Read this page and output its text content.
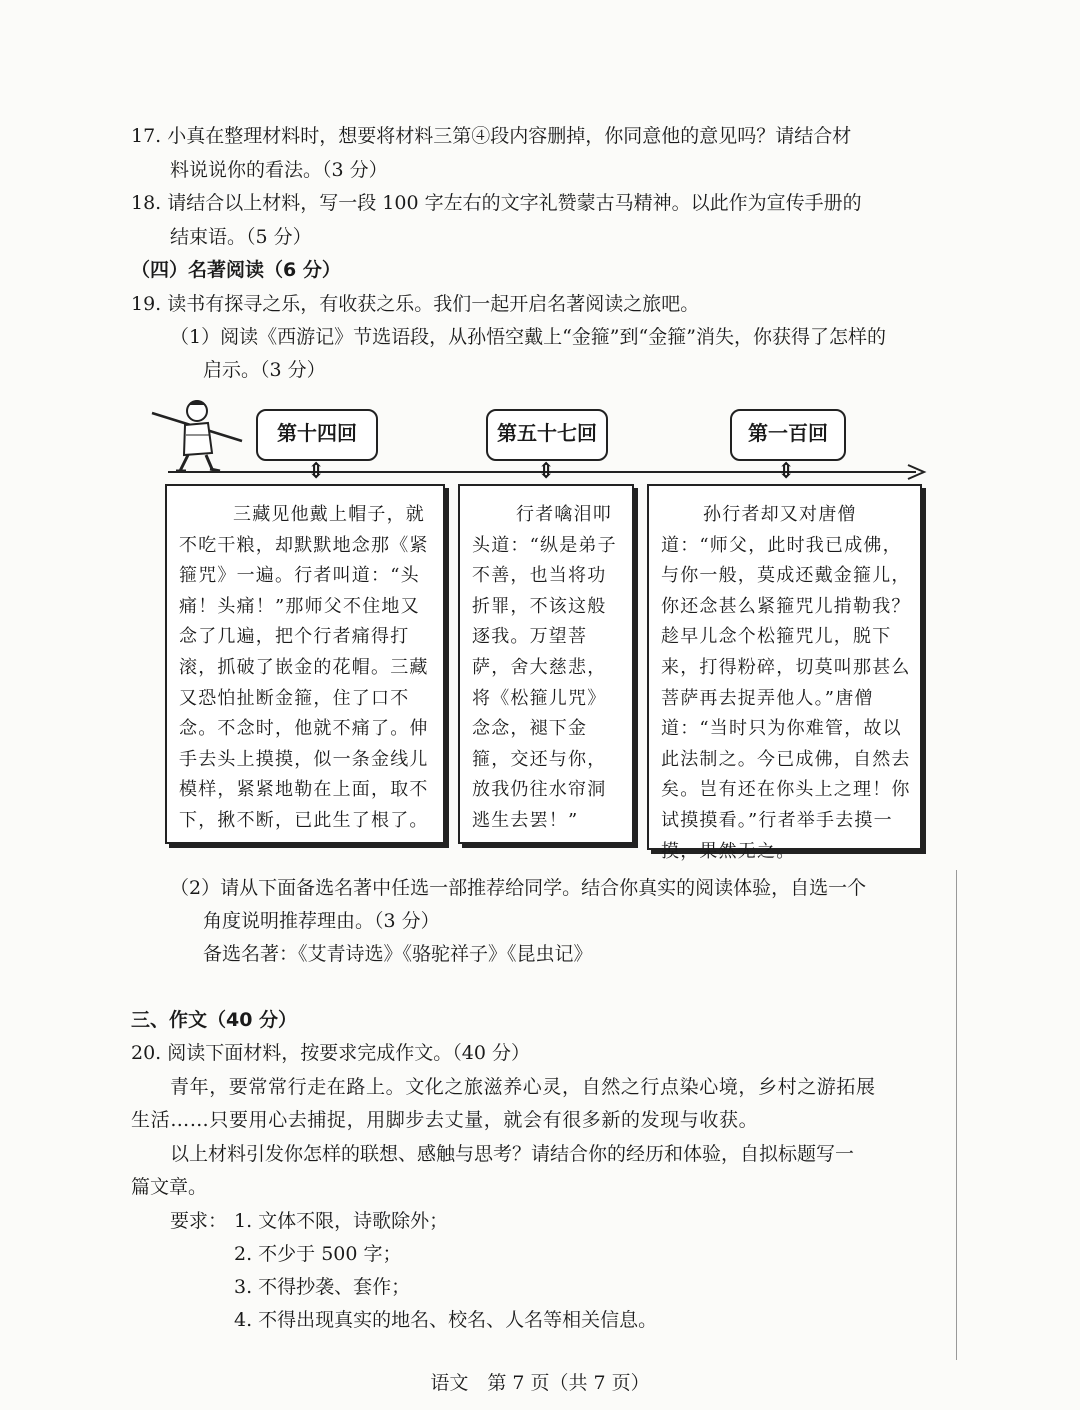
17. 小真在整理材料时，想要将材料三第④段内容删掉，你同意他的意见吗？请结合材
料说说你的看法。（3 分）
18. 请结合以上材料，写一段 100 字左右的文字礼赞蒙古马精神。以此作为宣传手册的
结束语。（5 分）
（四）名著阅读（6 分）
19. 读书有探寻之乐，有收获之乐。我们一起开启名著阅读之旅吧。
（1）阅读《西游记》节选语段，从孙悟空戴上“金箍”到“金箍”消失，你获得了怎样的
启示。（3 分）
第十四回	第五十七回	第一百回
⇕	⇕	⇕

三藏见他戴上帽子，就不吃干粮，却默默地念那《紧箍咒》一遍。行者叫道：“头痛！头痛！”那师父不住地又念了几遍，把个行者痛得打滚，抓破了嵌金的花帽。三藏又恐怕扯断金箍，住了口不念。不念时，他就不痛了。伸手去头上摸摸，似一条金线儿模样，紧紧地勒在上面，取不下，揪不断，已此生了根了。

行者噙泪叩头道：“纵是弟子不善，也当将功折罪，不该这般逐我。万望菩萨，舍大慈悲，将《松箍儿咒》念念，褪下金箍，交还与你，放我仍往水帘洞逃生去罢！”

孙行者却又对唐僧道：“师父，此时我已成佛，与你一般，莫成还戴金箍儿，你还念甚么紧箍咒儿掯勒我？趁早儿念个松箍咒儿，脱下来，打得粉碎，切莫叫那甚么菩萨再去捉弄他人。”唐僧道：“当时只为你难管，故以此法制之。今已成佛，自然去矣。岂有还在你头上之理！你试摸摸看。”行者举手去摸一摸，果然无之。

（2）请从下面备选名著中任选一部推荐给同学。结合你真实的阅读体验，自选一个
角度说明推荐理由。（3 分）
备选名著：《艾青诗选》《骆驼祥子》《昆虫记》
三、作文（40 分）
20. 阅读下面材料，按要求完成作文。（40 分）
青年，要常常行走在路上。文化之旅滋养心灵，自然之行点染心境，乡村之游拓展
生活……只要用心去捕捉，用脚步去丈量，就会有很多新的发现与收获。
以上材料引发你怎样的联想、感触与思考？请结合你的经历和体验，自拟标题写一
篇文章。
要求： 1. 文体不限，诗歌除外；
2. 不少于 500 字；
3. 不得抄袭、套作；
4. 不得出现真实的地名、校名、人名等相关信息。
语文　第 7 页（共 7 页）
